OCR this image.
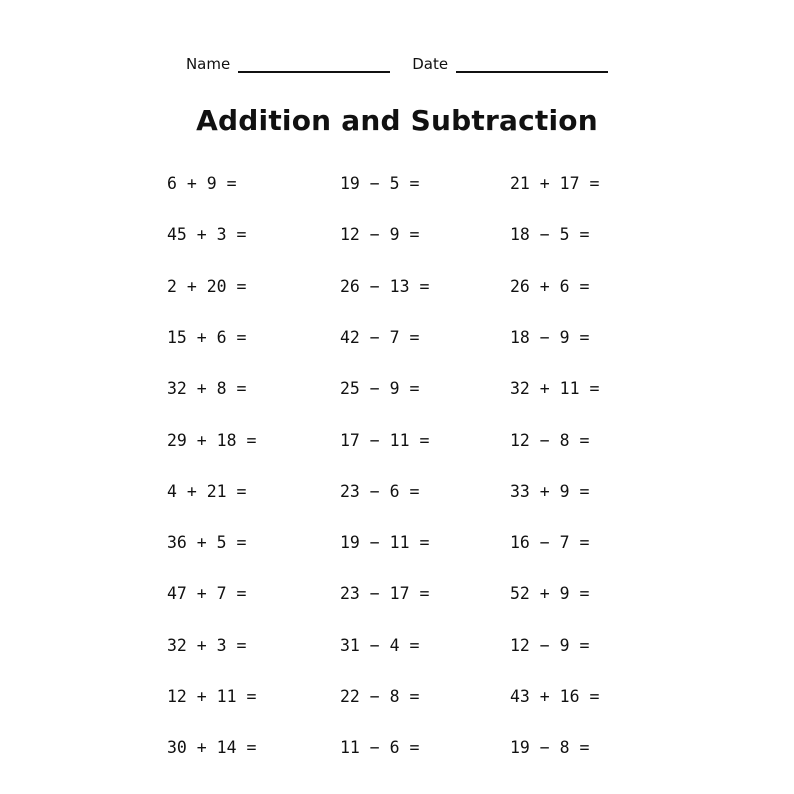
Name	Date
Addition and Subtraction
6 + 9 =
45 + 3 =
2 + 20 =
15 + 6 =
32 + 8 =
29 + 18 =
4 + 21 =
36 + 5 =
47 + 7 =
32 + 3 =
12 + 11 =
30 + 14 =
19 − 5 =
12 − 9 =
26 − 13 =
42 − 7 =
25 − 9 =
17 − 11 =
23 − 6 =
19 − 11 =
23 − 17 =
31 − 4 =
22 − 8 =
11 − 6 =
21 + 17 =
18 − 5 =
26 + 6 =
18 − 9 =
32 + 11 =
12 − 8 =
33 + 9 =
16 − 7 =
52 + 9 =
12 − 9 =
43 + 16 =
19 − 8 =
